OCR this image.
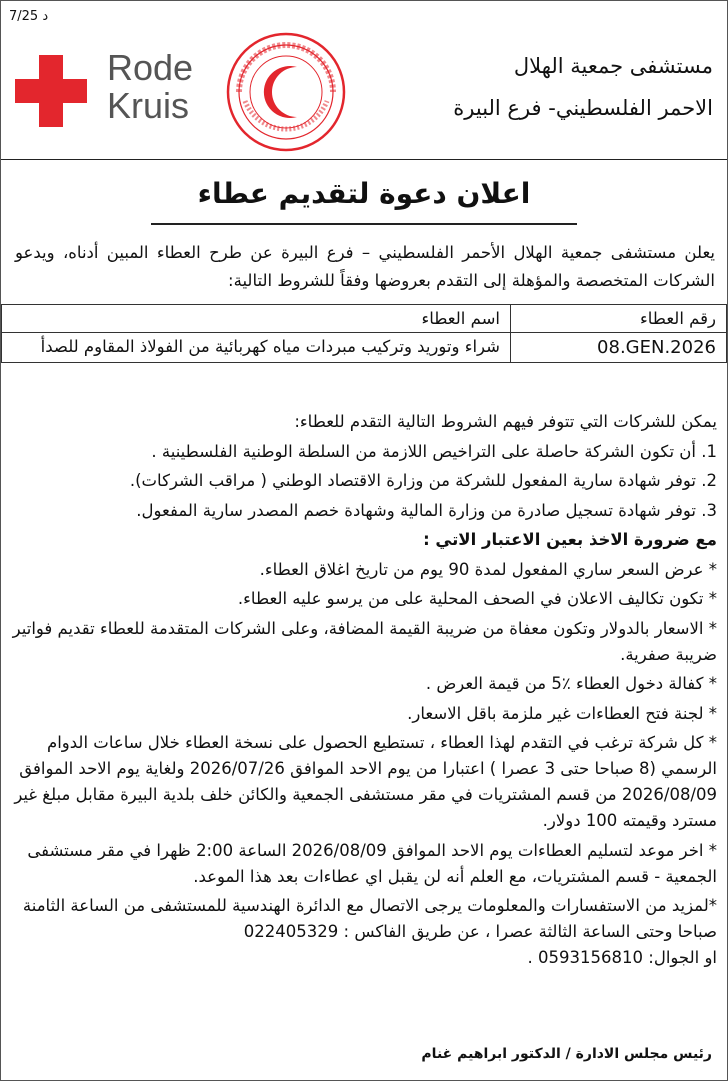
7/25 د
Rode
Kruis
مستشفى جمعية الهلال
الاحمر الفلسطيني- فرع البيرة
اعلان دعوة لتقديم عطاء
يعلن مستشفى جمعية الهلال الأحمر الفلسطيني – فرع البيرة عن طرح العطاء المبين أدناه، ويدعو الشركات المتخصصة والمؤهلة إلى التقدم بعروضها وفقاً للشروط التالية:
رقم العطاء	اسم العطاء
08.GEN.2026	شراء وتوريد وتركيب مبردات مياه كهربائية من الفولاذ المقاوم للصدأ

يمكن للشركات التي تتوفر فيهم الشروط التالية التقدم للعطاء:

1. أن تكون الشركة حاصلة على التراخيص اللازمة من السلطة الوطنية الفلسطينية .

2. توفر شهادة سارية المفعول للشركة من وزارة الاقتصاد الوطني ( مراقب الشركات).

3. توفر شهادة تسجيل صادرة من وزارة المالية وشهادة خصم المصدر سارية المفعول.

مع ضرورة الاخذ بعين الاعتبار الاتي :

* عرض السعر ساري المفعول لمدة 90 يوم من تاريخ اغلاق العطاء.

* تكون تكاليف الاعلان في الصحف المحلية على من يرسو عليه العطاء.

* الاسعار بالدولار وتكون معفاة من ضريبة القيمة المضافة، وعلى الشركات المتقدمة للعطاء تقديم فواتير ضريبة صفرية.

* كفالة دخول العطاء ٪5 من قيمة العرض .

* لجنة فتح العطاءات غير ملزمة باقل الاسعار.

* كل شركة ترغب في التقدم لهذا العطاء ، تستطيع الحصول على نسخة العطاء خلال ساعات الدوام الرسمي (8 صباحا حتى 3 عصرا ) اعتبارا من يوم الاحد الموافق 2026/07/26 ولغاية يوم الاحد الموافق 2026/08/09 من قسم المشتريات في مقر مستشفى الجمعية والكائن خلف بلدية البيرة مقابل مبلغ غير مسترد وقيمته 100 دولار.

* اخر موعد لتسليم العطاءات يوم الاحد الموافق 2026/08/09 الساعة 2:00 ظهرا في مقر مستشفى الجمعية - قسم المشتريات، مع العلم أنه لن يقبل اي عطاءات بعد هذا الموعد.

*لمزيد من الاستفسارات والمعلومات يرجى الاتصال مع الدائرة الهندسية للمستشفى من الساعة الثامنة صباحا وحتى الساعة الثالثة عصرا ، عن طريق الفاكس : 022405329
او الجوال: 0593156810 .

رئيس مجلس الادارة / الدكتور ابراهيم غنام
